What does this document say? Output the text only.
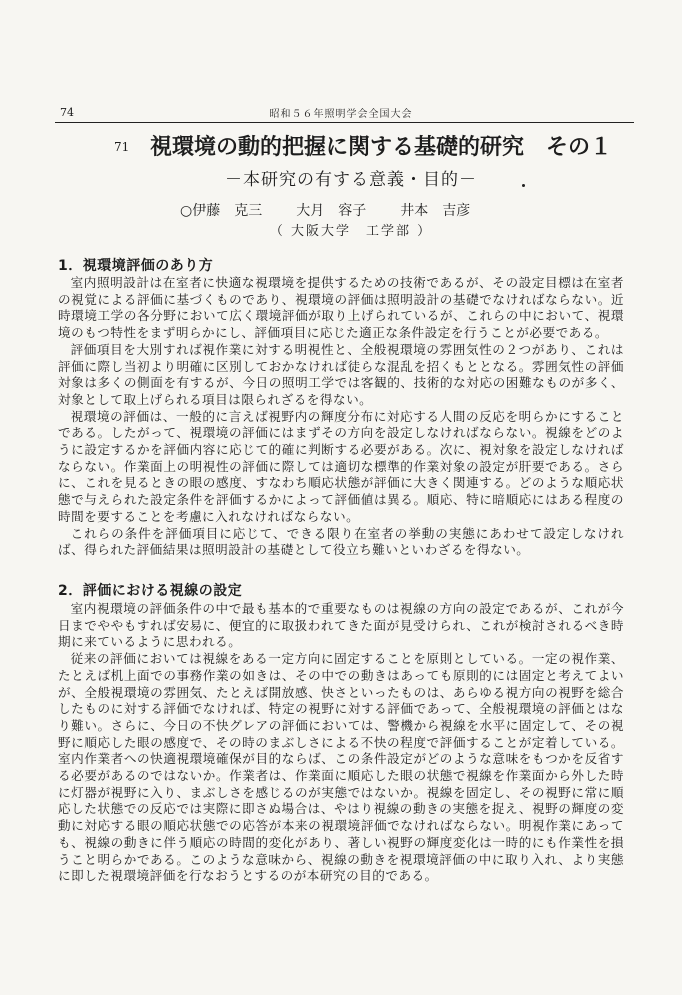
74	昭和５６年照明学会全国大会
71 視環境の動的把握に関する基礎的研究　その１
－本研究の有する意義・目的－
○伊藤　克三 大月　容子 井本　吉彦
（ 大阪大学　工学部 ）
1．視環境評価のあり方

室内照明設計は在室者に快適な視環境を提供するための技術であるが、その設定目標は在室者の視覚による評価に基づくものであり、視環境の評価は照明設計の基礎でなければならない。近時環境工学の各分野において広く環境評価が取り上げられているが、これらの中において、視環境のもつ特性をまず明らかにし、評価項目に応じた適正な条件設定を行うことが必要である。

評価項目を大別すれば視作業に対する明視性と、全般視環境の雰囲気性の２つがあり、これは評価に際し当初より明確に区別しておかなければ徒らな混乱を招くもととなる。雰囲気性の評価対象は多くの側面を有するが、今日の照明工学では客観的、技術的な対応の困難なものが多く、対象として取上げられる項目は限られざるを得ない。

視環境の評価は、一般的に言えば視野内の輝度分布に対応する人間の反応を明らかにすることである。したがって、視環境の評価にはまずその方向を設定しなければならない。視線をどのように設定するかを評価内容に応じて的確に判断する必要がある。次に、視対象を設定しなければならない。作業面上の明視性の評価に際しては適切な標準的作業対象の設定が肝要である。さらに、これを見るときの眼の感度、すなわち順応状態が評価に大きく関連する。どのような順応状態で与えられた設定条件を評価するかによって評価値は異る。順応、特に暗順応にはある程度の時間を要することを考慮に入れなければならない。

これらの条件を評価項目に応じて、できる限り在室者の挙動の実態にあわせて設定しなければ、得られた評価結果は照明設計の基礎として役立ち難いといわざるを得ない。

2．評価における視線の設定

室内視環境の評価条件の中で最も基本的で重要なものは視線の方向の設定であるが、これが今日までややもすれば安易に、便宜的に取扱われてきた面が見受けられ、これが検討されるべき時期に来ているように思われる。

従来の評価においては視線をある一定方向に固定することを原則としている。一定の視作業、たとえば机上面での事務作業の如きは、その中での動きはあっても原則的には固定と考えてよいが、全般視環境の雰囲気、たとえば開放感、快さといったものは、あらゆる視方向の視野を総合したものに対する評価でなければ、特定の視野に対する評価であって、全般視環境の評価とはなり難い。さらに、今日の不快グレアの評価においては、警機から視線を水平に固定して、その視野に順応した眼の感度で、その時のまぶしさによる不快の程度で評価することが定着している。室内作業者への快適視環境確保が目的ならば、この条件設定がどのような意味をもつかを反省する必要があるのではないか。作業者は、作業面に順応した眼の状態で視線を作業面から外した時に灯器が視野に入り、まぶしさを感じるのが実態ではないか。視線を固定し、その視野に常に順応した状態での反応では実際に即さぬ場合は、やはり視線の動きの実態を捉え、視野の輝度の変動に対応する眼の順応状態での応答が本来の視環境評価でなければならない。明視作業にあっても、視線の動きに伴う順応の時間的変化があり、著しい視野の輝度変化は一時的にも作業性を損うこと明らかである。このような意味から、視線の動きを視環境評価の中に取り入れ、より実態に即した視環境評価を行なおうとするのが本研究の目的である。
